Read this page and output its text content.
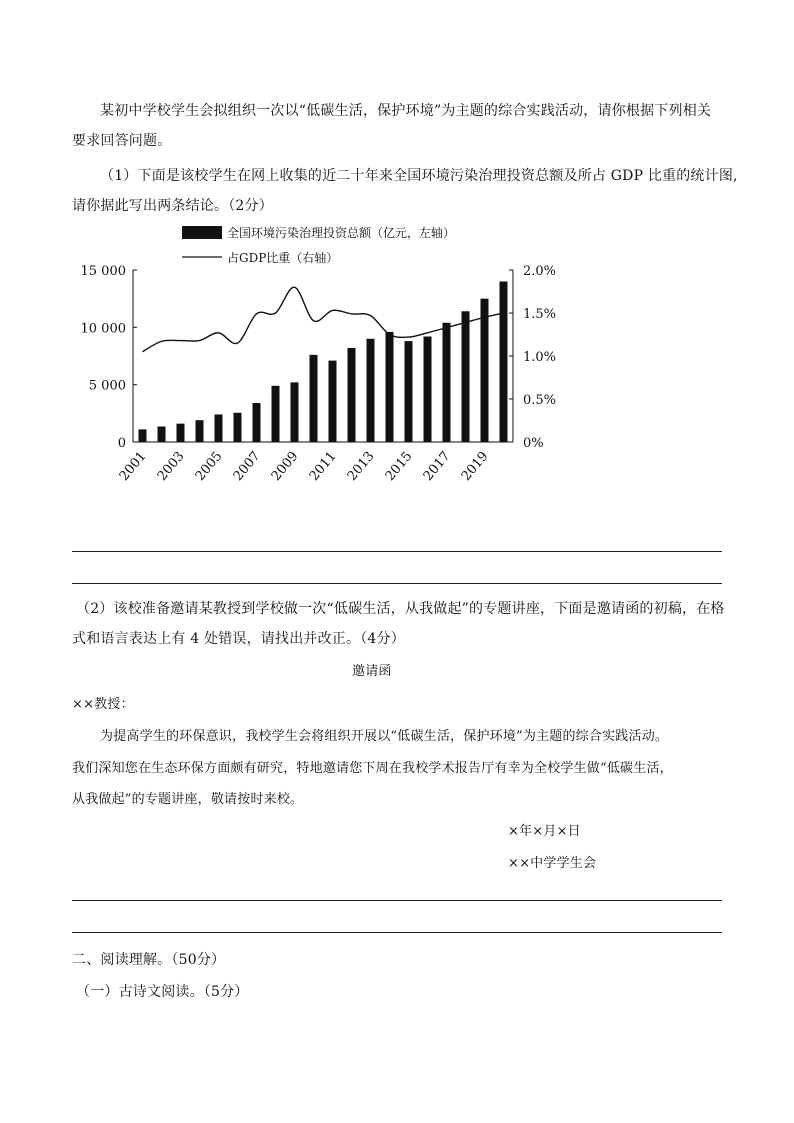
某初中学校学生会拟组织一次以“低碳生活，保护环境”为主题的综合实践活动，请你根据下列相关
要求回答问题。
（1）下面是该校学生在网上收集的近二十年来全国环境污染治理投资总额及所占 GDP 比重的统计图,
请你据此写出两条结论。（2分）
全国环境污染治理投资总额（亿元，左轴）
占GDP比重（右轴）
0
5 000
10 000
15 000
0%
0.5%
1.0%
1.5%
2.0%
2001 2003 2005 2007 2009 2011 2013 2015 2017 2019
（2）该校准备邀请某教授到学校做一次“低碳生活，从我做起”的专题讲座，下面是邀请函的初稿，在格
式和语言表达上有 4 处错误，请找出并改正。（4分）
邀请函
××教授：
为提高学生的环保意识，我校学生会将组织开展以“低碳生活，保护环境”为主题的综合实践活动。
我们深知您在生态环保方面颇有研究，特地邀请您下周在我校学术报告厅有幸为全校学生做“低碳生活，
从我做起”的专题讲座，敬请按时来校。
×年×月×日
××中学学生会
二、阅读理解。（50分）
（一）古诗文阅读。（5分）
